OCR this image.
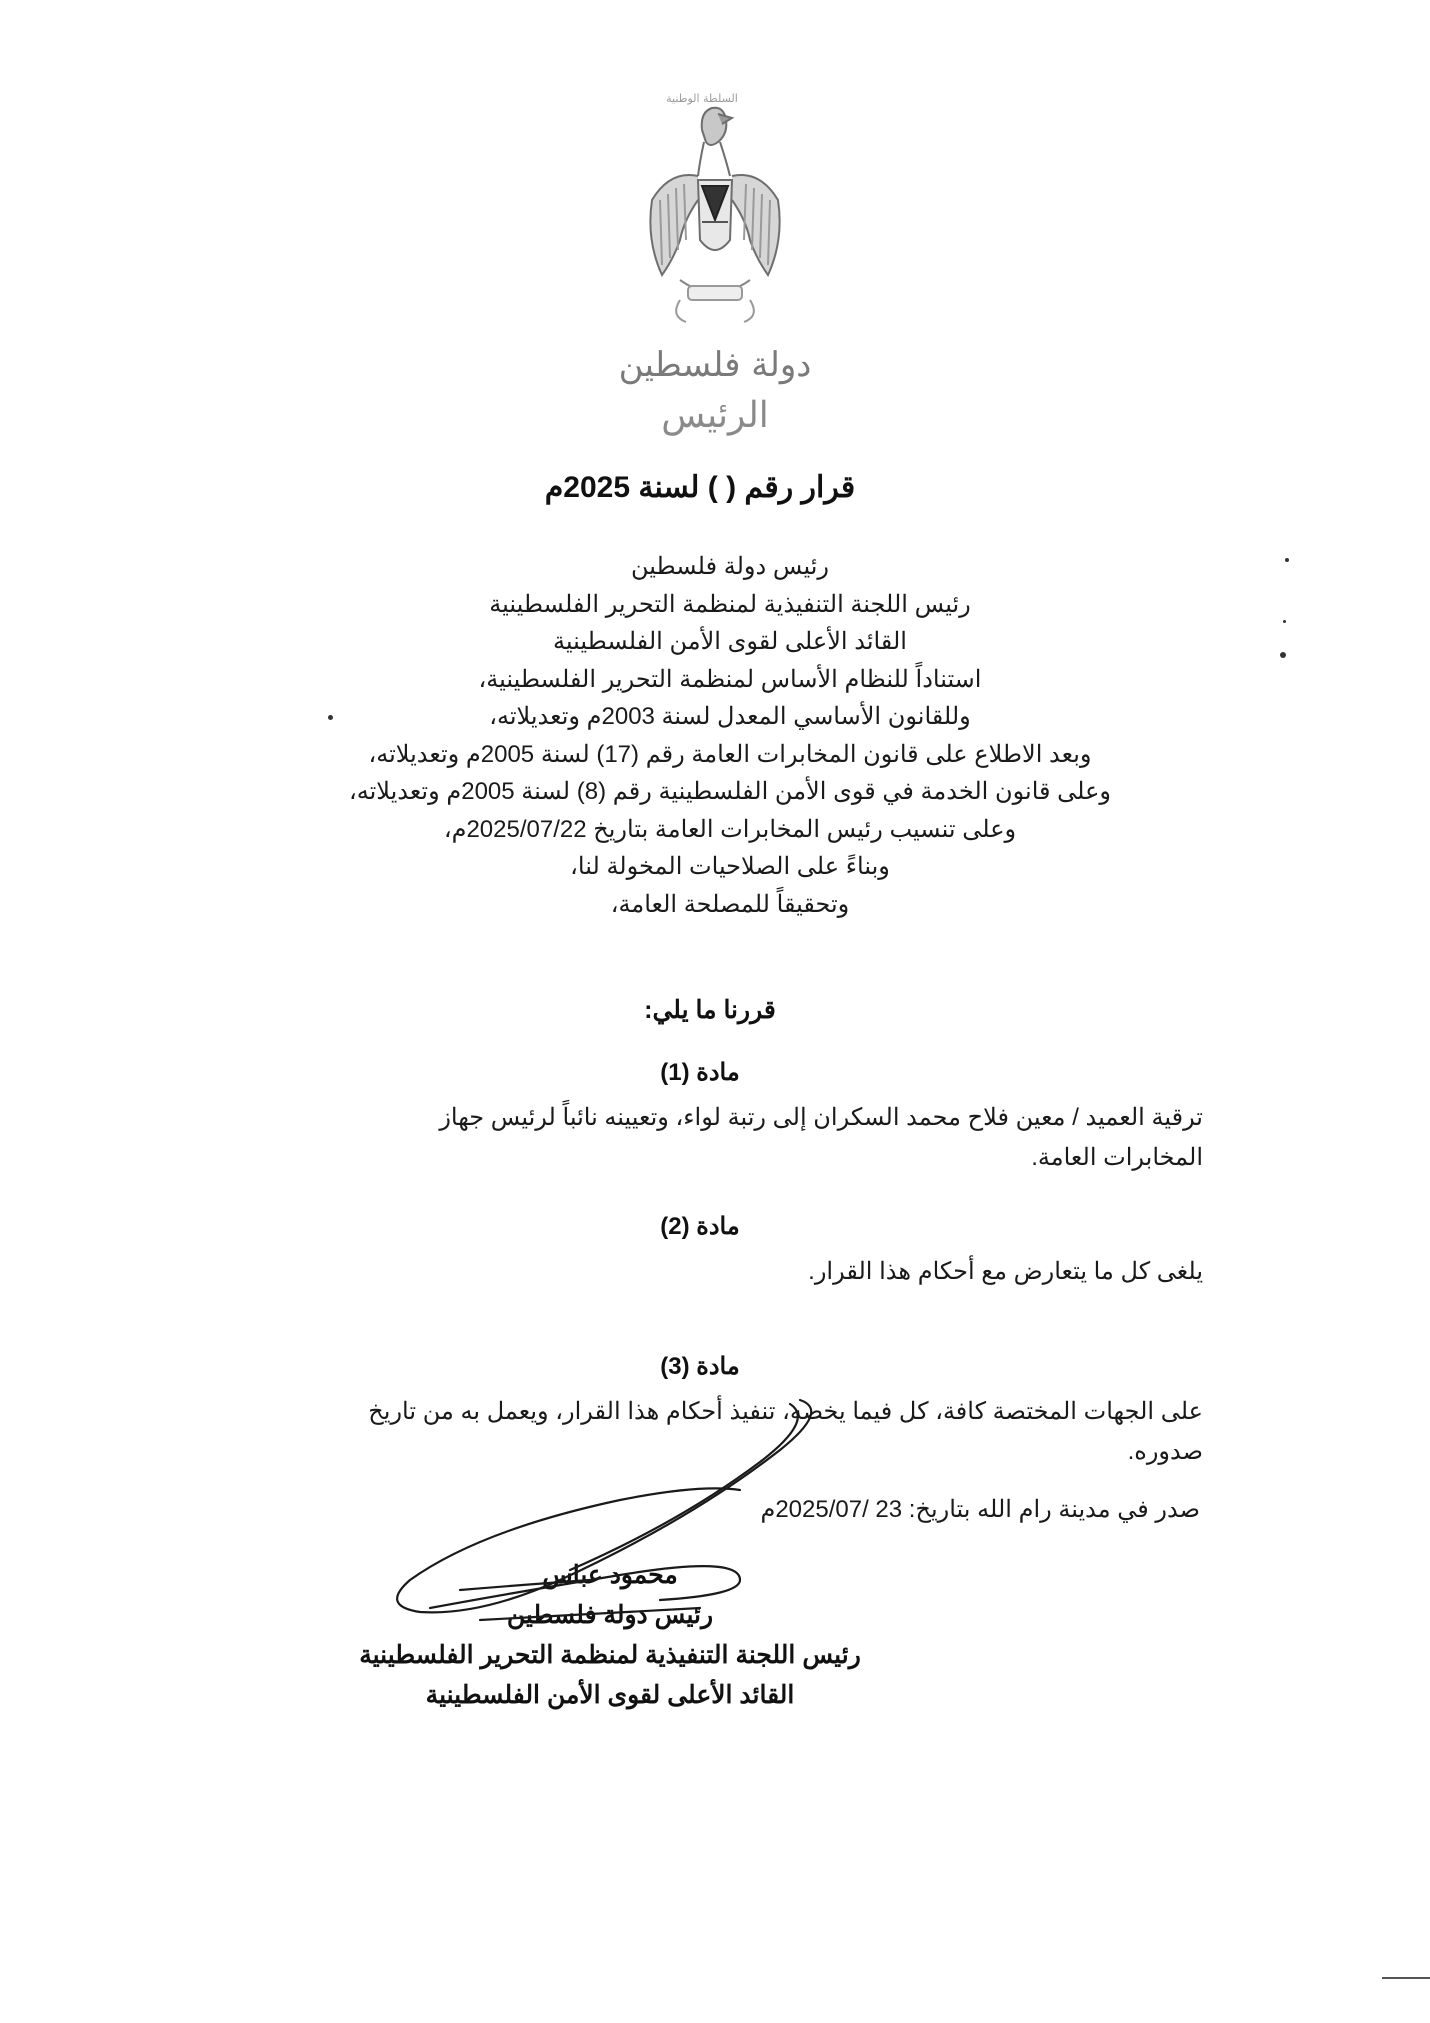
السلطة الوطنية
دولة فلسطين
الرئيس
قرار رقم ( ) لسنة 2025م
رئيس دولة فلسطين
رئيس اللجنة التنفيذية لمنظمة التحرير الفلسطينية
القائد الأعلى لقوى الأمن الفلسطينية
استناداً للنظام الأساس لمنظمة التحرير الفلسطينية،
وللقانون الأساسي المعدل لسنة 2003م وتعديلاته،
وبعد الاطلاع على قانون المخابرات العامة رقم (17) لسنة 2005م وتعديلاته،
وعلى قانون الخدمة في قوى الأمن الفلسطينية رقم (8) لسنة 2005م وتعديلاته،
وعلى تنسيب رئيس المخابرات العامة بتاريخ 2025/07/22م،
وبناءً على الصلاحيات المخولة لنا،
وتحقيقاً للمصلحة العامة،
قررنا ما يلي:
مادة (1)
ترقية العميد / معين فلاح محمد السكران إلى رتبة لواء، وتعيينه نائباً لرئيس جهاز
المخابرات العامة.
مادة (2)
يلغى كل ما يتعارض مع أحكام هذا القرار.
مادة (3)
على الجهات المختصة كافة، كل فيما يخصه، تنفيذ أحكام هذا القرار، ويعمل به من تاريخ
صدوره.
صدر في مدينة رام الله بتاريخ: 23 /2025/07م
محمود عباس
رئيس دولة فلسطين
رئيس اللجنة التنفيذية لمنظمة التحرير الفلسطينية
القائد الأعلى لقوى الأمن الفلسطينية
